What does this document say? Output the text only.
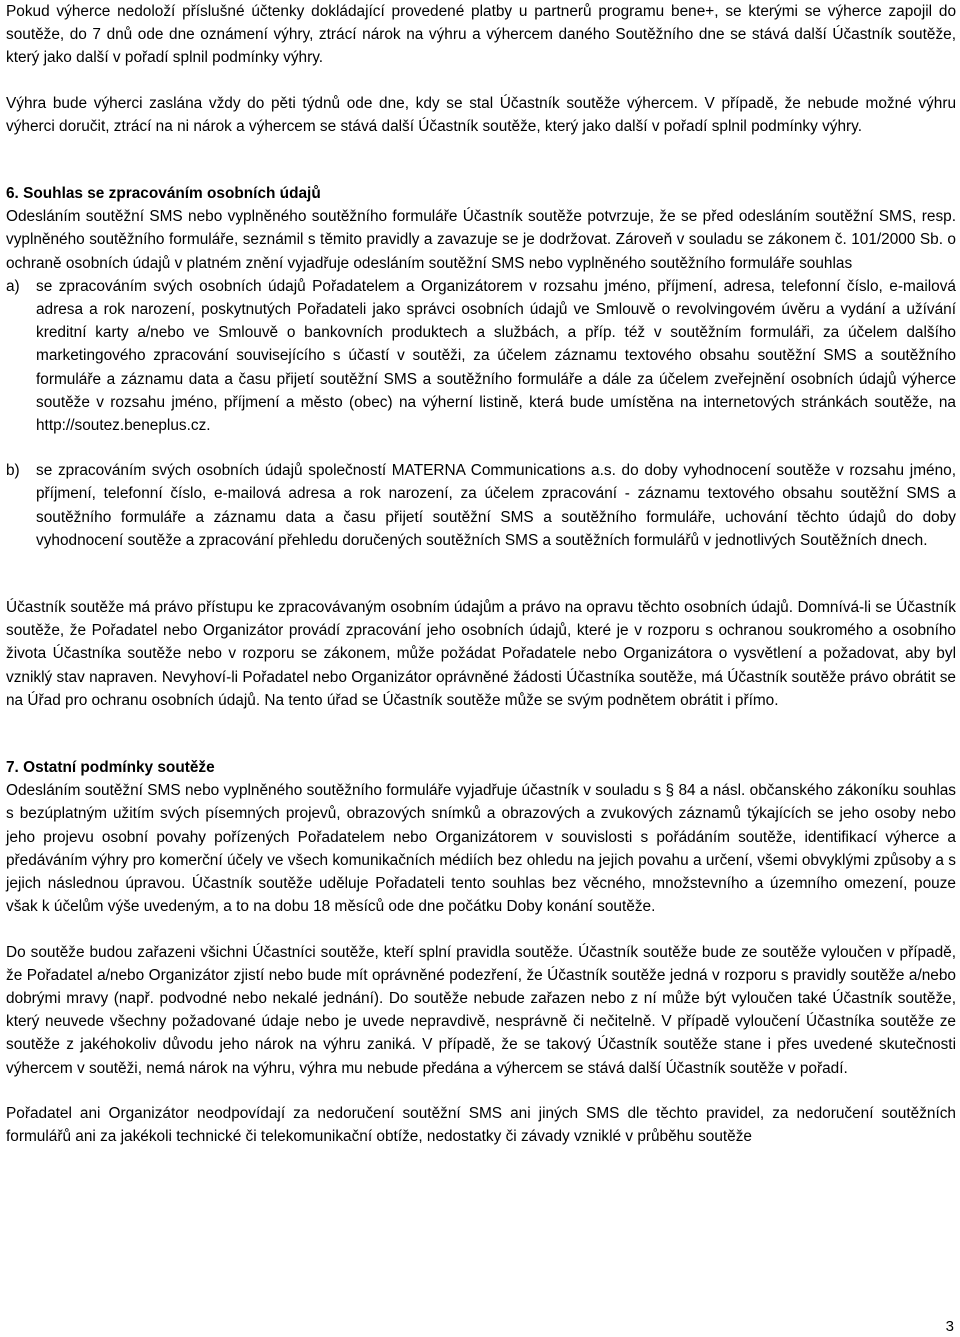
Pokud výherce nedoloží příslušné účtenky dokládající provedené platby u partnerů programu bene+, se kterými se výherce zapojil do soutěže, do 7 dnů ode dne oznámení výhry, ztrácí nárok na výhru a výhercem daného Soutěžního dne se stává další Účastník soutěže, který jako další v pořadí splnil podmínky výhry.

Výhra bude výherci zaslána vždy do pěti týdnů ode dne, kdy se stal Účastník soutěže výhercem. V případě, že nebude možné výhru výherci doručit, ztrácí na ni nárok a výhercem se stává další Účastník soutěže, který jako další v pořadí splnil podmínky výhry.

6. Souhlas se zpracováním osobních údajů

Odesláním soutěžní SMS nebo vyplněného soutěžního formuláře Účastník soutěže potvrzuje, že se před odesláním soutěžní SMS, resp. vyplněného soutěžního formuláře, seznámil s těmito pravidly a zavazuje se je dodržovat. Zároveň v souladu se zákonem č. 101/2000 Sb. o ochraně osobních údajů v platném znění vyjadřuje odesláním soutěžní SMS nebo vyplněného soutěžního formuláře souhlas

a)	se zpracováním svých osobních údajů Pořadatelem a Organizátorem v rozsahu jméno, příjmení, adresa, telefonní číslo, e-mailová adresa a rok narození, poskytnutých Pořadateli jako správci osobních údajů ve Smlouvě o revolvingovém úvěru a vydání a užívání kreditní karty a/nebo ve Smlouvě o bankovních produktech a službách, a příp. též v soutěžním formuláři, za účelem dalšího marketingového zpracování souvisejícího s účastí v soutěži, za účelem záznamu textového obsahu soutěžní SMS a soutěžního formuláře a záznamu data a času přijetí soutěžní SMS a soutěžního formuláře a dále za účelem zveřejnění osobních údajů výherce soutěže v rozsahu jméno, příjmení a město (obec) na výherní listině, která bude umístěna na internetových stránkách soutěže, na http://soutez.beneplus.cz.
b)	se zpracováním svých osobních údajů společností MATERNA Communications a.s. do doby vyhodnocení soutěže v rozsahu jméno, příjmení, telefonní číslo, e-mailová adresa a rok narození, za účelem zpracování - záznamu textového obsahu soutěžní SMS a soutěžního formuláře a záznamu data a času přijetí soutěžní SMS a soutěžního formuláře, uchování těchto údajů do doby vyhodnocení soutěže a zpracování přehledu doručených soutěžních SMS a soutěžních formulářů v jednotlivých Soutěžních dnech.

Účastník soutěže má právo přístupu ke zpracovávaným osobním údajům a právo na opravu těchto osobních údajů. Domnívá-li se Účastník soutěže, že Pořadatel nebo Organizátor provádí zpracování jeho osobních údajů, které je v rozporu s ochranou soukromého a osobního života Účastníka soutěže nebo v rozporu se zákonem, může požádat Pořadatele nebo Organizátora o vysvětlení a požadovat, aby byl vzniklý stav napraven. Nevyhoví-li Pořadatel nebo Organizátor oprávněné žádosti Účastníka soutěže, má Účastník soutěže právo obrátit se na Úřad pro ochranu osobních údajů. Na tento úřad se Účastník soutěže může se svým podnětem obrátit i přímo.

7. Ostatní podmínky soutěže

Odesláním soutěžní SMS nebo vyplněného soutěžního formuláře vyjadřuje účastník v souladu s § 84 a násl. občanského zákoníku souhlas s bezúplatným užitím svých písemných projevů, obrazových snímků a obrazových a zvukových záznamů týkajících se jeho osoby nebo jeho projevu osobní povahy pořízených Pořadatelem nebo Organizátorem v souvislosti s pořádáním soutěže, identifikací výherce a předáváním výhry pro komerční účely ve všech komunikačních médiích bez ohledu na jejich povahu a určení, všemi obvyklými způsoby a s jejich následnou úpravou. Účastník soutěže uděluje Pořadateli tento souhlas bez věcného, množstevního a územního omezení, pouze však k účelům výše uvedeným, a to na dobu 18 měsíců ode dne počátku Doby konání soutěže.

Do soutěže budou zařazeni všichni Účastníci soutěže, kteří splní pravidla soutěže. Účastník soutěže bude ze soutěže vyloučen v případě, že Pořadatel a/nebo Organizátor zjistí nebo bude mít oprávněné podezření, že Účastník soutěže jedná v rozporu s pravidly soutěže a/nebo dobrými mravy (např. podvodné nebo nekalé jednání). Do soutěže nebude zařazen nebo z ní může být vyloučen také Účastník soutěže, který neuvede všechny požadované údaje nebo je uvede nepravdivě, nesprávně či nečitelně. V případě vyloučení Účastníka soutěže ze soutěže z jakéhokoliv důvodu jeho nárok na výhru zaniká. V případě, že se takový Účastník soutěže stane i přes uvedené skutečnosti výhercem v soutěži, nemá nárok na výhru, výhra mu nebude předána a výhercem se stává další Účastník soutěže v pořadí.

Pořadatel ani Organizátor neodpovídají za nedoručení soutěžní SMS ani jiných SMS dle těchto pravidel, za nedoručení soutěžních formulářů ani za jakékoli technické či telekomunikační obtíže, nedostatky či závady vzniklé v průběhu soutěže

3
